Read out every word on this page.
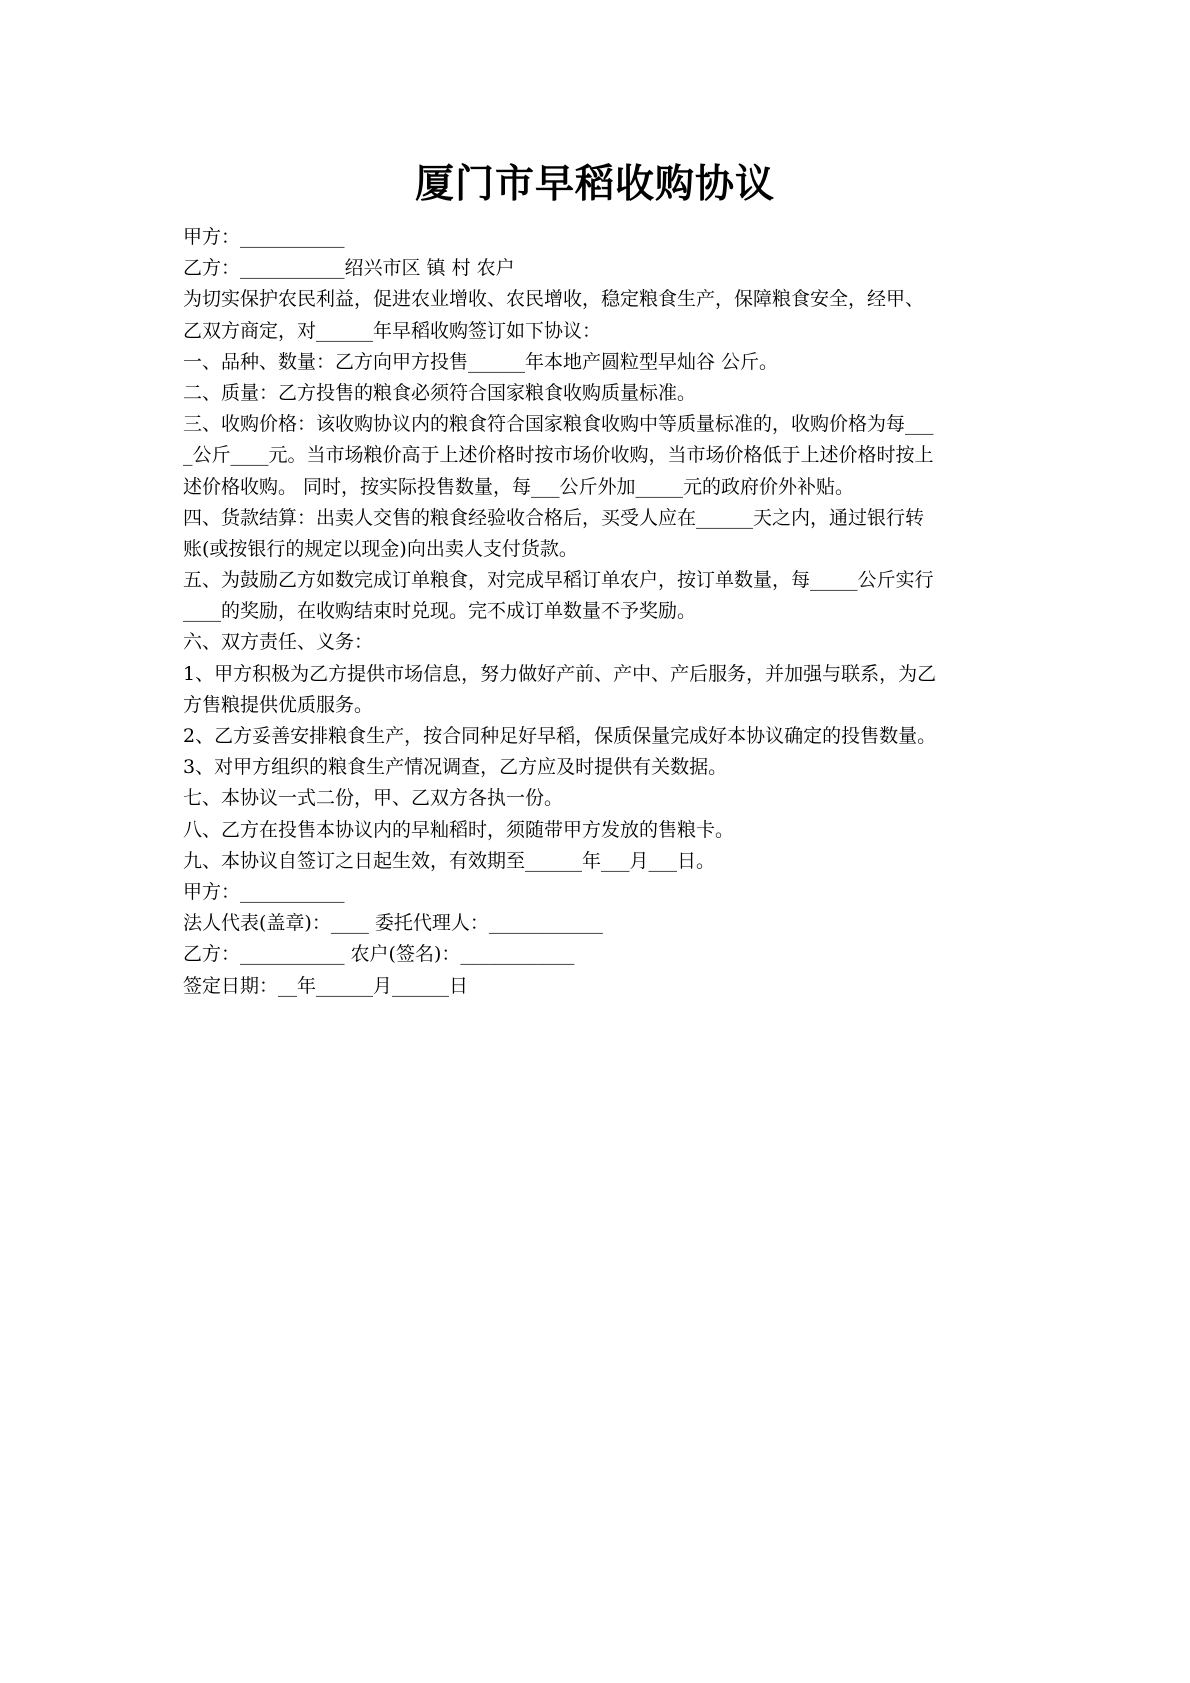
厦门市早稻收购协议
甲方：___________
乙方：___________绍兴市区 镇 村 农户
为切实保护农民利益，促进农业增收、农民增收，稳定粮食生产，保障粮食安全，经甲、
乙双方商定，对______年早稻收购签订如下协议：
一、品种、数量：乙方向甲方投售______年本地产圆粒型早灿谷 公斤。
二、质量：乙方投售的粮食必须符合国家粮食收购质量标准。
三、收购价格：该收购协议内的粮食符合国家粮食收购中等质量标准的，收购价格为每___
_公斤____元。当市场粮价高于上述价格时按市场价收购，当市场价格低于上述价格时按上
述价格收购。 同时，按实际投售数量，每___公斤外加_____元的政府价外补贴。
四、货款结算：出卖人交售的粮食经验收合格后，买受人应在______天之内，通过银行转
账(或按银行的规定以现金)向出卖人支付货款。
五、为鼓励乙方如数完成订单粮食，对完成早稻订单农户，按订单数量，每_____公斤实行
____的奖励，在收购结束时兑现。完不成订单数量不予奖励。
六、双方责任、义务：
1、甲方积极为乙方提供市场信息，努力做好产前、产中、产后服务，并加强与联系，为乙
方售粮提供优质服务。
2、乙方妥善安排粮食生产，按合同种足好早稻，保质保量完成好本协议确定的投售数量。
3、对甲方组织的粮食生产情况调查，乙方应及时提供有关数据。
七、本协议一式二份，甲、乙双方各执一份。
八、乙方在投售本协议内的早籼稻时，须随带甲方发放的售粮卡。
九、本协议自签订之日起生效，有效期至______年___月___日。
甲方：___________
法人代表(盖章)：____ 委托代理人：____________
乙方：___________ 农户(签名)：____________
签定日期：__年______月______日
